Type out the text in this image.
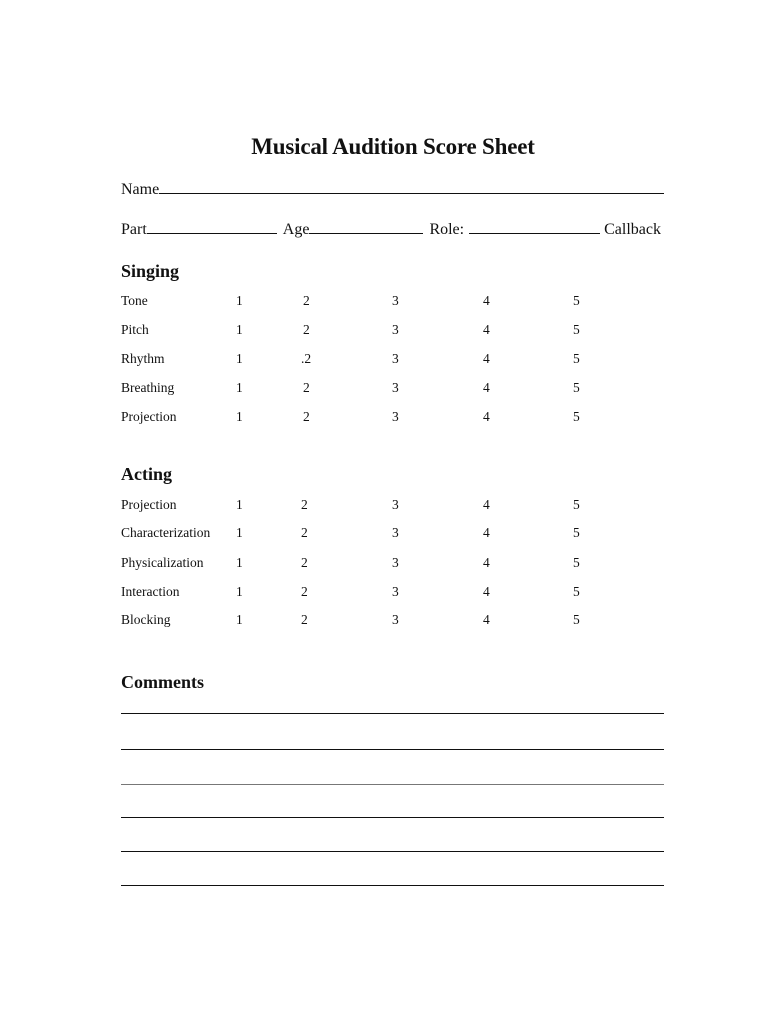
Musical Audition Score Sheet
Name
Part	Age	Role:	Callback
Singing
Tone	1	2	3	4	5
Pitch	1	2	3	4	5
Rhythm	1	.2	3	4	5
Breathing	1	2	3	4	5
Projection	1	2	3	4	5
Acting
Projection	1	2	3	4	5
Characterization 1	2	3	4	5
Physicalization 1	2	3	4	5
Interaction	1	2	3	4	5
Blocking	1	2	3	4	5
Comments
